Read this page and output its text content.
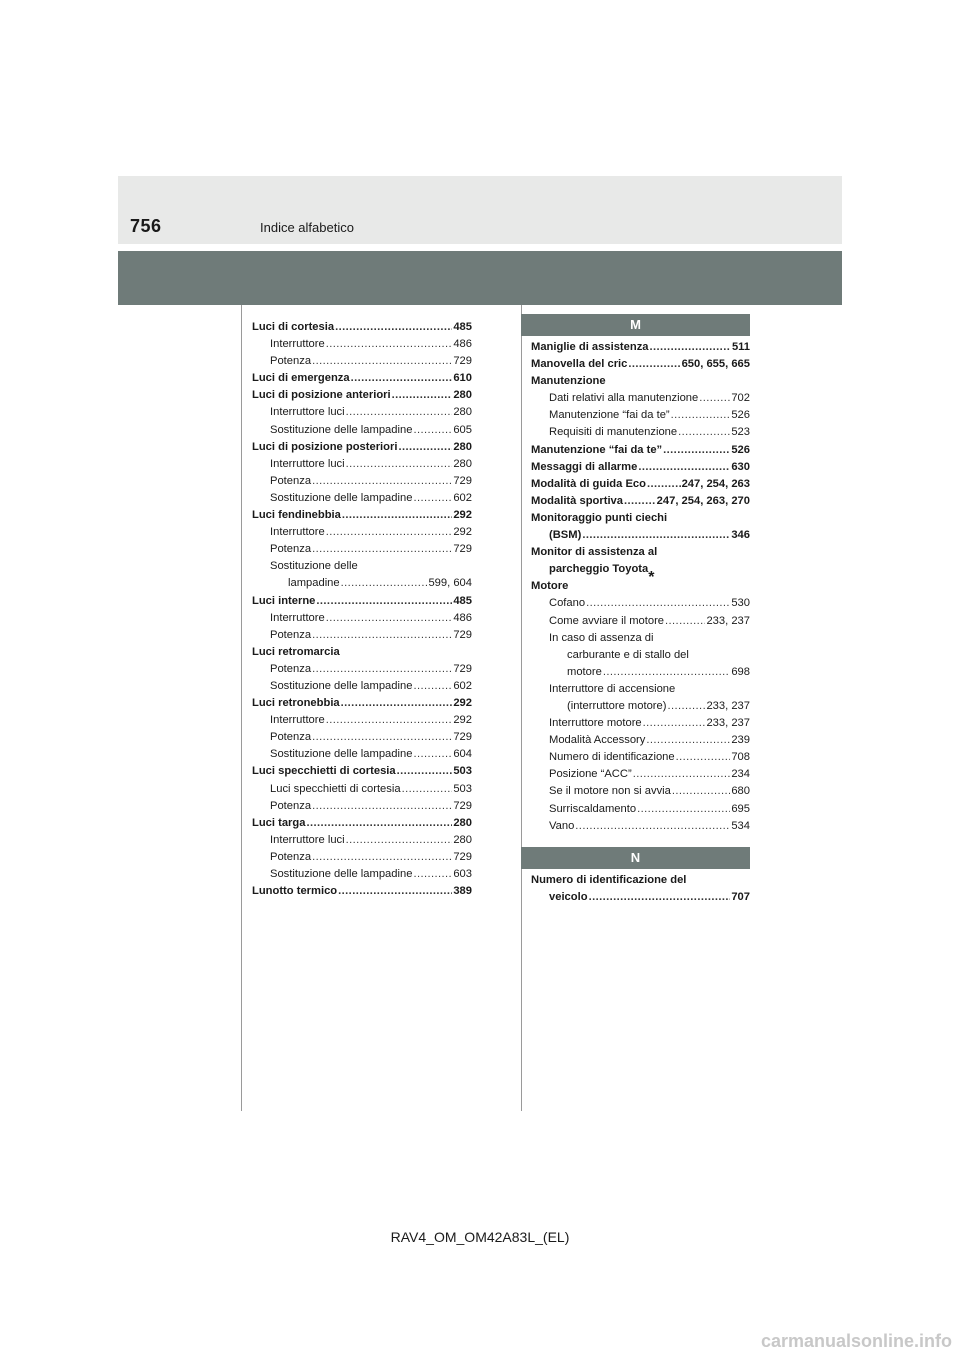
756	Indice alfabetico
Luci di cortesia .....	485
Interruttore .....	486
Potenza .....	729
Luci di emergenza .....	610
Luci di posizione anteriori .....	280
Interruttore luci .....	280
Sostituzione delle lampadine .....	605
Luci di posizione posteriori .....	280
Interruttore luci .....	280
Potenza .....	729
Sostituzione delle lampadine .....	602
Luci fendinebbia .....	292
Interruttore .....	292
Potenza .....	729
Sostituzione delle
lampadine .....	599, 604
Luci interne .....	485
Interruttore .....	486
Potenza .....	729
Luci retromarcia
Potenza .....	729
Sostituzione delle lampadine .....	602
Luci retronebbia .....	292
Interruttore .....	292
Potenza .....	729
Sostituzione delle lampadine .....	604
Luci specchietti di cortesia .....	503
Luci specchietti di cortesia .....	503
Potenza .....	729
Luci targa .....	280
Interruttore luci .....	280
Potenza .....	729
Sostituzione delle lampadine .....	603
Lunotto termico .....	389
M
Maniglie di assistenza .....	511
Manovella del cric .....	650, 655, 665
Manutenzione
Dati relativi alla manutenzione .....	702
Manutenzione “fai da te” .....	526
Requisiti di manutenzione .....	523
Manutenzione “fai da te” .....	526
Messaggi di allarme .....	630
Modalità di guida Eco .....	247, 254, 263
Modalità sportiva .....	247, 254, 263, 270
Monitoraggio punti ciechi
(BSM) .....	346
Monitor di assistenza al
parcheggio Toyota
*
Motore
Cofano .....	530
Come avviare il motore .....	233, 237
In caso di assenza di
carburante e di stallo del
motore .....	698
Interruttore di accensione
(interruttore motore) .....	233, 237
Interruttore motore .....	233, 237
Modalità Accessory .....	239
Numero di identificazione .....	708
Posizione “ACC” .....	234
Se il motore non si avvia .....	680
Surriscaldamento .....	695
Vano .....	534
N
Numero di identificazione del
veicolo .....	707
RAV4_OM_OM42A83L_(EL)
carmanualsonline.info
